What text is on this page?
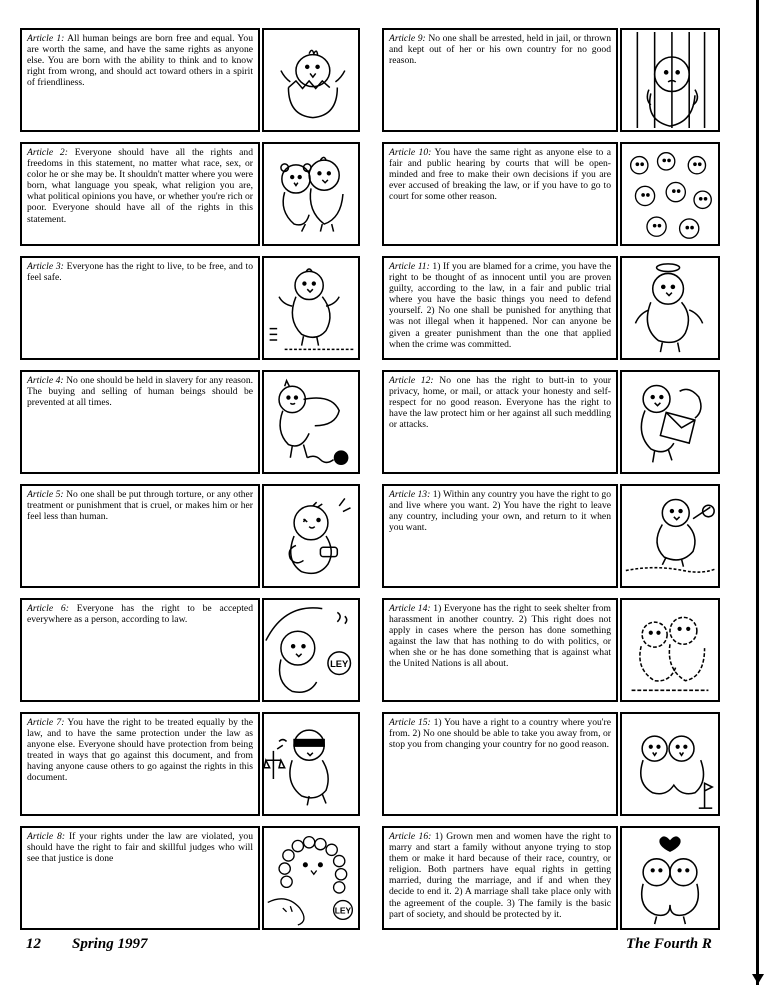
Article 1: All human beings are born free and equal. You are worth the same, and have the same rights as anyone else. You are born with the ability to think and to know right from wrong, and should act toward others in a spirit of friendliness.
Article 2: Everyone should have all the rights and freedoms in this statement, no matter what race, sex, or color he or she may be. It shouldn't matter where you were born, what language you speak, what religion you are, what political opinions you have, or whether you're rich or poor. Everyone should have all of the rights in this statement.
Article 3: Everyone has the right to live, to be free, and to feel safe.
Article 4: No one should be held in slavery for any reason. The buying and selling of human beings should be prevented at all times.
Article 5: No one shall be put through torture, or any other treatment or punishment that is cruel, or makes him or her feel less than human.
Article 6: Everyone has the right to be accepted everywhere as a person, according to law.
LEY
Article 7: You have the right to be treated equally by the law, and to have the same protection under the law as anyone else. Everyone should have protection from being treated in ways that go against this document, and from having anyone cause others to go against the rights in this document.
Article 8: If your rights under the law are violated, you should have the right to fair and skillful judges who will see that justice is done
LEY
Article 9: No one shall be arrested, held in jail, or thrown and kept out of her or his own country for no good reason.
Article 10: You have the same right as anyone else to a fair and public hearing by courts that will be open-minded and free to make their own decisions if you are ever accused of breaking the law, or if you have to go to court for some other reason.
Article 11: 1) If you are blamed for a crime, you have the right to be thought of as innocent until you are proven guilty, according to the law, in a fair and public trial where you have the basic things you need to defend yourself. 2) No one shall be punished for anything that was not illegal when it happened. Nor can anyone be given a greater punishment than the one that applied when the crime was committed.
Article 12: No one has the right to butt-in to your privacy, home, or mail, or attack your honesty and self-respect for no good reason. Everyone has the right to have the law protect him or her against all such meddling or attacks.
Article 13: 1) Within any country you have the right to go and live where you want. 2) You have the right to leave any country, including your own, and return to it when you want.
Article 14: 1) Everyone has the right to seek shelter from harassment in another country. 2) This right does not apply in cases where the person has done something against the law that has nothing to do with politics, or when she or he has done something that is against what the United Nations is all about.
Article 15: 1) You have a right to a country where you're from. 2) No one should be able to take you away from, or stop you from changing your country for no good reason.
Article 16: 1) Grown men and women have the right to marry and start a family without anyone trying to stop them or make it hard because of their race, country, or religion. Both partners have equal rights in getting married, during the marriage, and if and when they decide to end it. 2) A marriage shall take place only with the agreement of the couple. 3) The family is the basic part of society, and should be protected by it.
12 Spring 1997	The Fourth R
